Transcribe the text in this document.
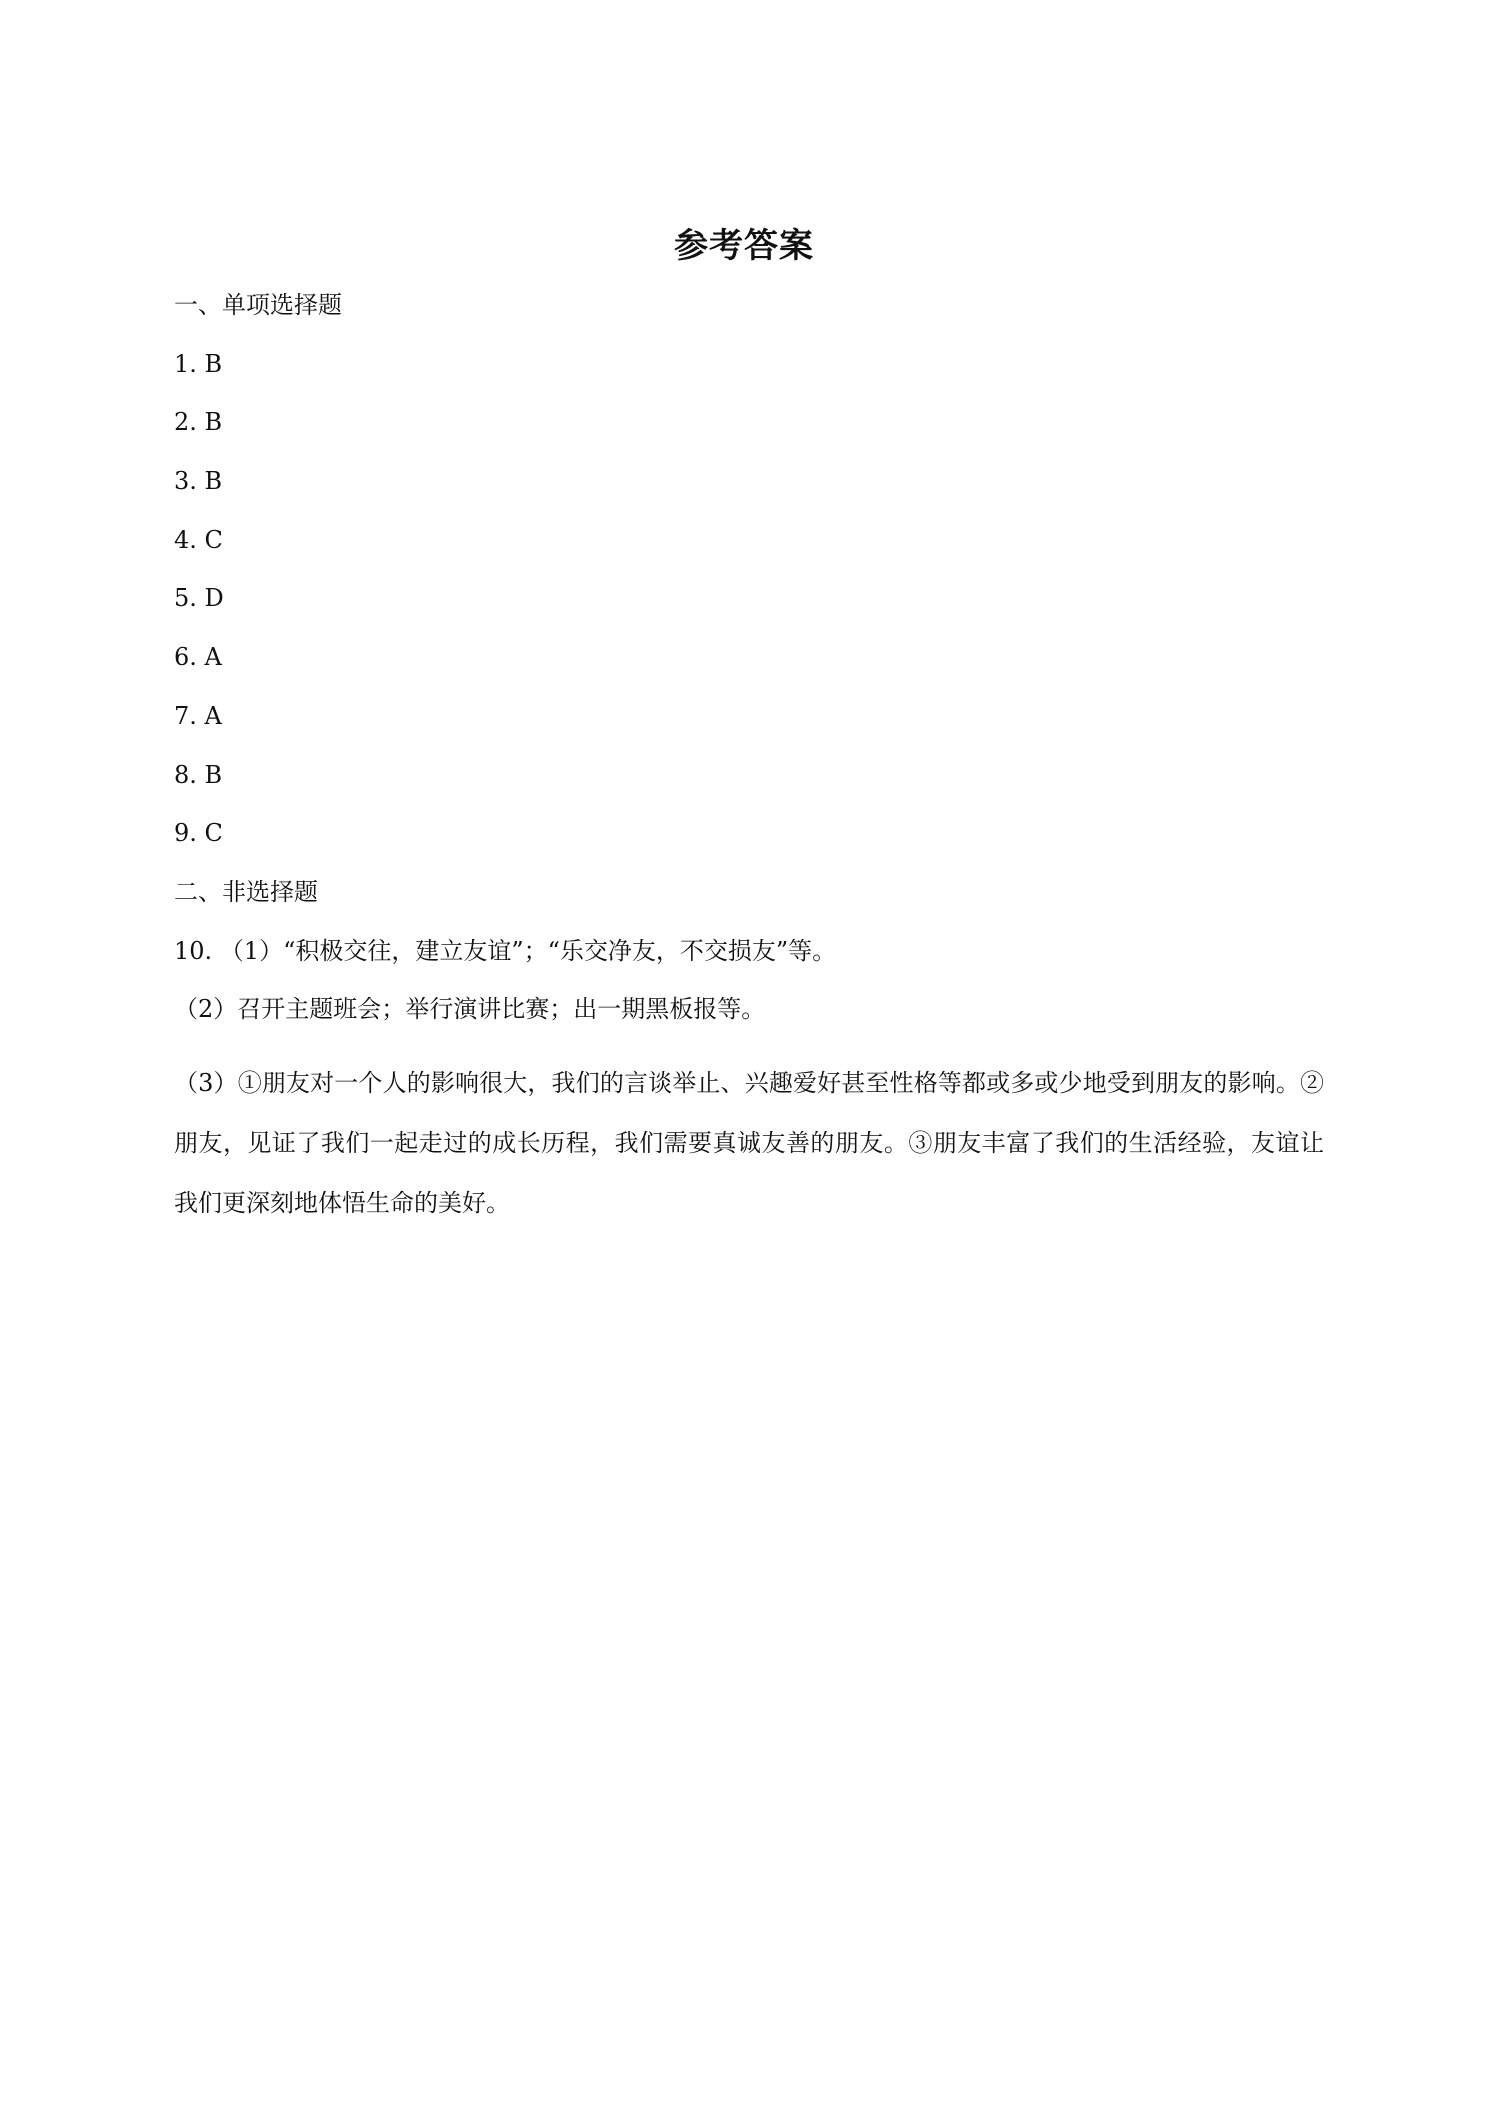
参考答案

一、单项选择题

1. B

2. B

3. B

4. C

5. D

6. A

7. A

8. B

9. C

二、非选择题

10. （1）“积极交往，建立友谊”；“乐交净友，不交损友”等。

（2）召开主题班会；举行演讲比赛；出一期黑板报等。

（3）①朋友对一个人的影响很大，我们的言谈举止、兴趣爱好甚至性格等都或多或少地受到朋友的影响。②朋友，见证了我们一起走过的成长历程，我们需要真诚友善的朋友。③朋友丰富了我们的生活经验，友谊让我们更深刻地体悟生命的美好。
